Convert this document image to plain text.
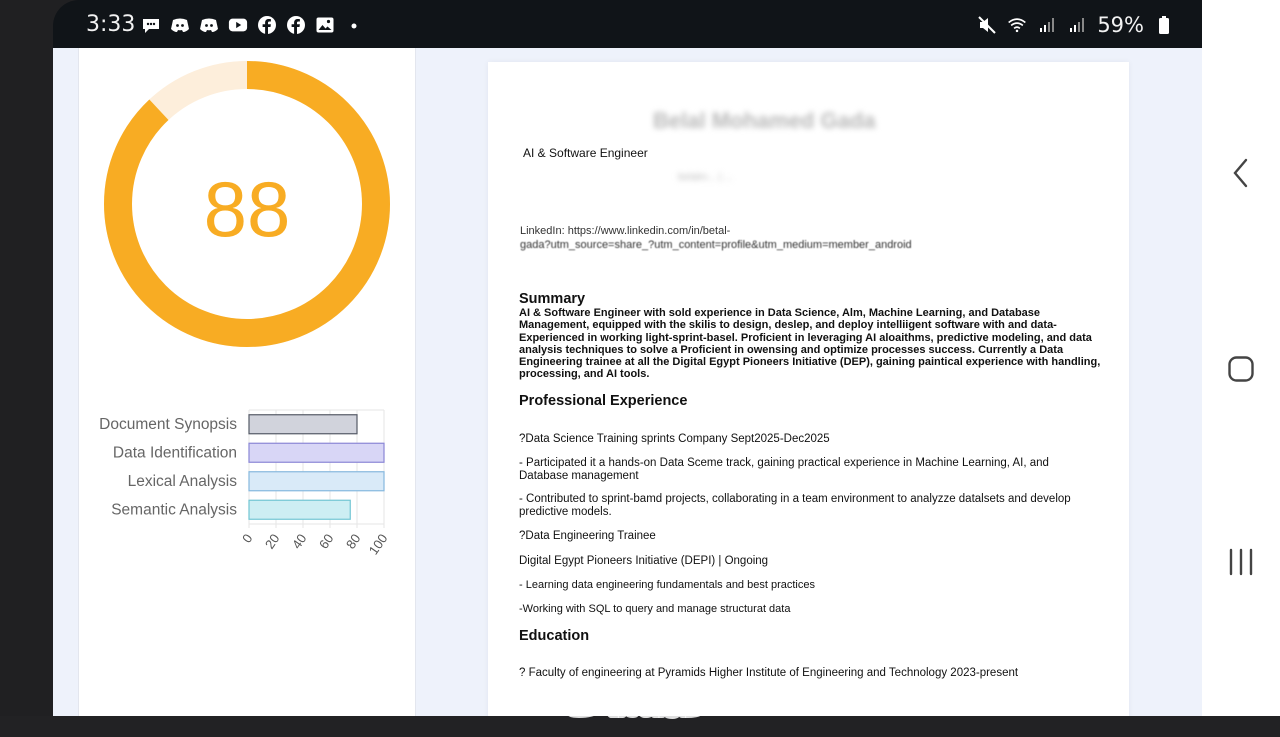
3:33	59%
88
0 20 40 60 80 100
Document Synopsis
Data Identification
Lexical Analysis
Semantic Analysis
Belal Mohamed Gada
AI & Software Engineer
belalm... | ...
LinkedIn: https://www.linkedin.com/in/betal-
gada?utm_source=share_?utm_content=profile&utm_medium=member_android
Summary
AI & Software Engineer with sold experience in Data Science, Alm, Machine Learning, and Database Management, equipped with the skilis to design, deslep, and deploy intelliigent software with and data-Experienced in working light-sprint-basel. Proficient in leveraging AI aloaithms, predictive modeling, and data analysis techniques to solve a Proficient in owensing and optimize processes success. Currently a Data Engineering trainee at all the Digital Egypt Pioneers Initiative (DEP), gaining paintical experience with handling, processing, and AI tools.
Professional Experience
?Data Science Training sprints Company Sept2025-Dec2025
- Participated it a hands-on Data Sceme track, gaining practical experience in Machine Learning, AI, and Database management
- Contributed to sprint-bamd projects, collaborating in a team environment to analyzze datalsets and develop predictive models.
?Data Engineering Trainee
Digital Egypt Pioneers Initiative (DEPI) | Ongoing
- Learning data engineering fundamentals and best practices
-Working with SQL to query and manage structurat data
Education
? Faculty of engineering at Pyramids Higher Institute of Engineering and Technology 2023-present
خمسات
